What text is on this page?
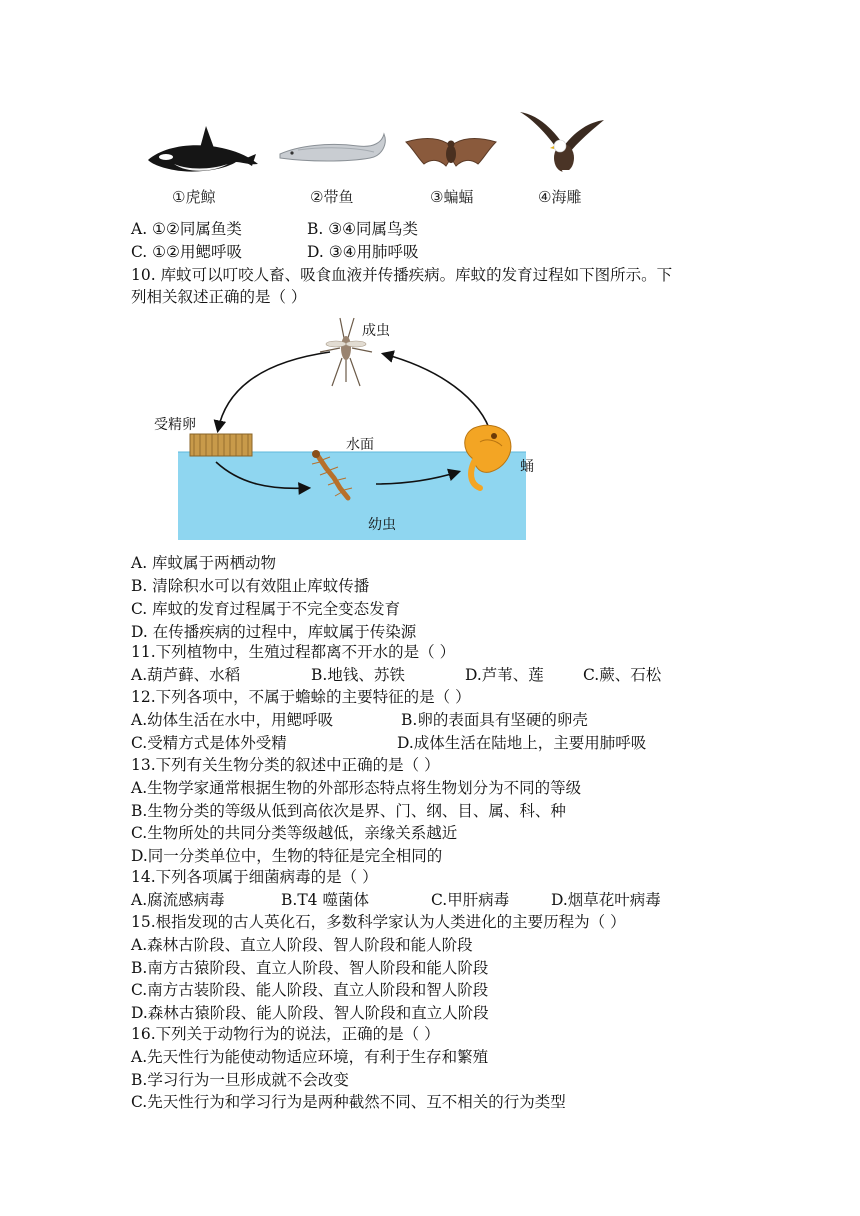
①虎鲸	②带鱼	③蝙蝠	④海雕
A. ①②同属鱼类	B. ③④同属鸟类
C. ①②用鳃呼吸	D. ③④用肺呼吸
10. 库蚊可以叮咬人畜、吸食血液并传播疾病。库蚊的发育过程如下图所示。下
列相关叙述正确的是（ ）
成虫
受精卵
水面
蛹
幼虫
A. 库蚊属于两栖动物
B. 清除积水可以有效阻止库蚊传播
C. 库蚊的发育过程属于不完全变态发育
D. 在传播疾病的过程中，库蚊属于传染源
11.下列植物中，生殖过程都离不开水的是（ ）
A.葫芦藓、水稻	B.地钱、苏铁	D.芦苇、莲	C.蕨、石松
12.下列各项中，不属于蟾蜍的主要特征的是（ ）
A.幼体生活在水中，用鳃呼吸	B.卵的表面具有坚硬的卵壳
C.受精方式是体外受精	D.成体生活在陆地上，主要用肺呼吸
13.下列有关生物分类的叙述中正确的是（ ）
A.生物学家通常根据生物的外部形态特点将生物划分为不同的等级
B.生物分类的等级从低到高依次是界、门、纲、目、属、科、种
C.生物所处的共同分类等级越低，亲缘关系越近
D.同一分类单位中，生物的特征是完全相同的
14.下列各项属于细菌病毒的是（ ）
A.腐流感病毒	B.T4 噬菌体	C.甲肝病毒	D.烟草花叶病毒
15.根指发现的古人英化石，多数科学家认为人类进化的主要历程为（ ）
A.森林古阶段、直立人阶段、智人阶段和能人阶段
B.南方古猿阶段、直立人阶段、智人阶段和能人阶段
C.南方古装阶段、能人阶段、直立人阶段和智人阶段
D.森林古猿阶段、能人阶段、智人阶段和直立人阶段
16.下列关于动物行为的说法，正确的是（ ）
A.先天性行为能使动物适应环境，有利于生存和繁殖
B.学习行为一旦形成就不会改变
C.先天性行为和学习行为是两种截然不同、互不相关的行为类型
